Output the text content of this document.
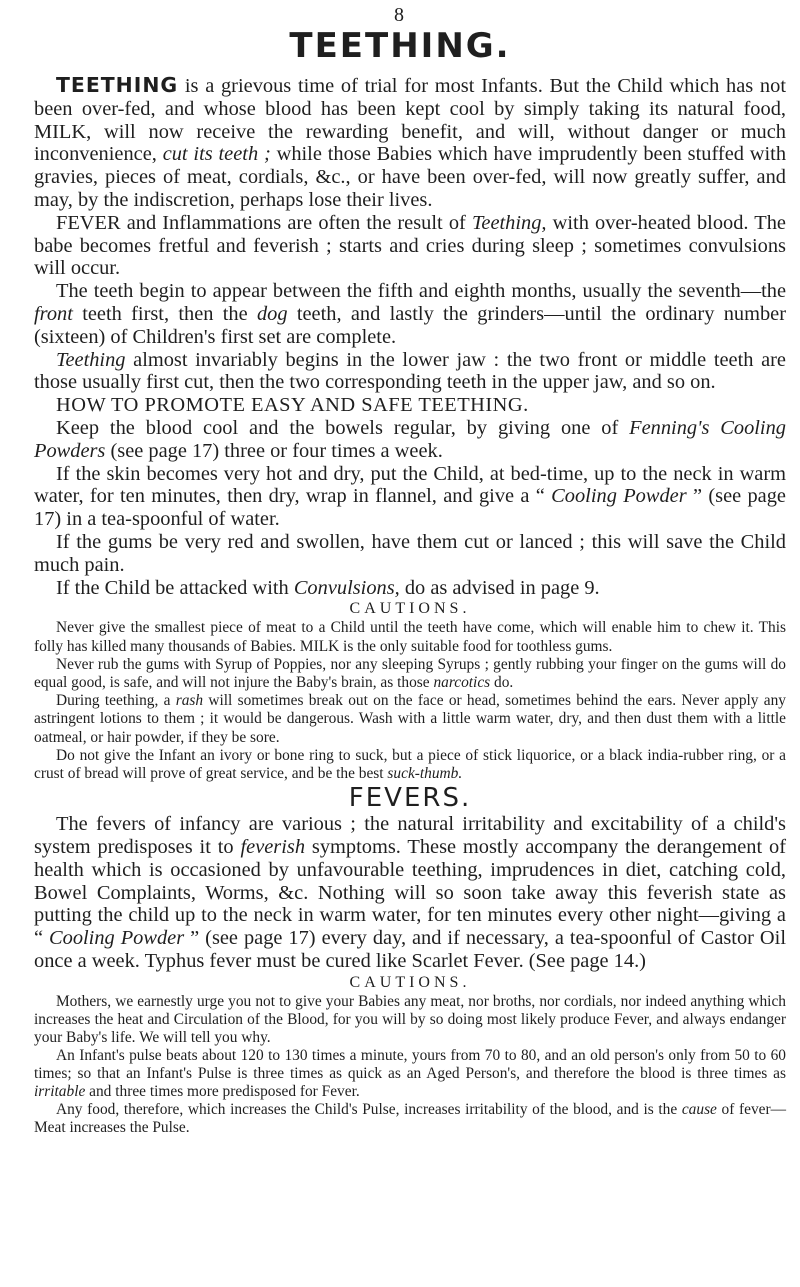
8

TEETHING.

TEETHING is a grievous time of trial for most Infants. But the Child which has not been over-fed, and whose blood has been kept cool by simply taking its natural food, MILK, will now receive the rewarding benefit, and will, without danger or much inconvenience, cut its teeth ; while those Babies which have imprudently been stuffed with gravies, pieces of meat, cordials, &c., or have been over-fed, will now greatly suffer, and may, by the indiscretion, perhaps lose their lives.

FEVER and Inflammations are often the result of Teething, with over-heated blood. The babe becomes fretful and feverish ; starts and cries during sleep ; sometimes convulsions will occur.

The teeth begin to appear between the fifth and eighth months, usually the seventh—the front teeth first, then the dog teeth, and lastly the grinders—until the ordinary number (sixteen) of Children's first set are complete.

Teething almost invariably begins in the lower jaw : the two front or middle teeth are those usually first cut, then the two corresponding teeth in the upper jaw, and so on.

HOW TO PROMOTE EASY AND SAFE TEETHING.

Keep the blood cool and the bowels regular, by giving one of Fenning's Cooling Powders (see page 17) three or four times a week.

If the skin becomes very hot and dry, put the Child, at bed-time, up to the neck in warm water, for ten minutes, then dry, wrap in flannel, and give a “ Cooling Powder ” (see page 17) in a tea-spoonful of water.

If the gums be very red and swollen, have them cut or lanced ; this will save the Child much pain.

If the Child be attacked with Convulsions, do as advised in page 9.

CAUTIONS.

Never give the smallest piece of meat to a Child until the teeth have come, which will enable him to chew it. This folly has killed many thousands of Babies. MILK is the only suitable food for toothless gums.

Never rub the gums with Syrup of Poppies, nor any sleeping Syrups ; gently rubbing your finger on the gums will do equal good, is safe, and will not injure the Baby's brain, as those narcotics do.

During teething, a rash will sometimes break out on the face or head, sometimes behind the ears. Never apply any astringent lotions to them ; it would be dangerous. Wash with a little warm water, dry, and then dust them with a little oatmeal, or hair powder, if they be sore.

Do not give the Infant an ivory or bone ring to suck, but a piece of stick liquorice, or a black india-rubber ring, or a crust of bread will prove of great service, and be the best suck-thumb.

FEVERS.

The fevers of infancy are various ; the natural irritability and excitability of a child's system predisposes it to feverish symptoms. These mostly accompany the derangement of health which is occasioned by unfavourable teething, imprudences in diet, catching cold, Bowel Complaints, Worms, &c. Nothing will so soon take away this feverish state as putting the child up to the neck in warm water, for ten minutes every other night—giving a “ Cooling Powder ” (see page 17) every day, and if necessary, a tea-spoonful of Castor Oil once a week. Typhus fever must be cured like Scarlet Fever. (See page 14.)

CAUTIONS.

Mothers, we earnestly urge you not to give your Babies any meat, nor broths, nor cordials, nor indeed anything which increases the heat and Circulation of the Blood, for you will by so doing most likely produce Fever, and always endanger your Baby's life. We will tell you why.

An Infant's pulse beats about 120 to 130 times a minute, yours from 70 to 80, and an old person's only from 50 to 60 times; so that an Infant's Pulse is three times as quick as an Aged Person's, and therefore the blood is three times as irritable and three times more predisposed for Fever.

Any food, therefore, which increases the Child's Pulse, increases irritability of the blood, and is the cause of fever—Meat increases the Pulse.
